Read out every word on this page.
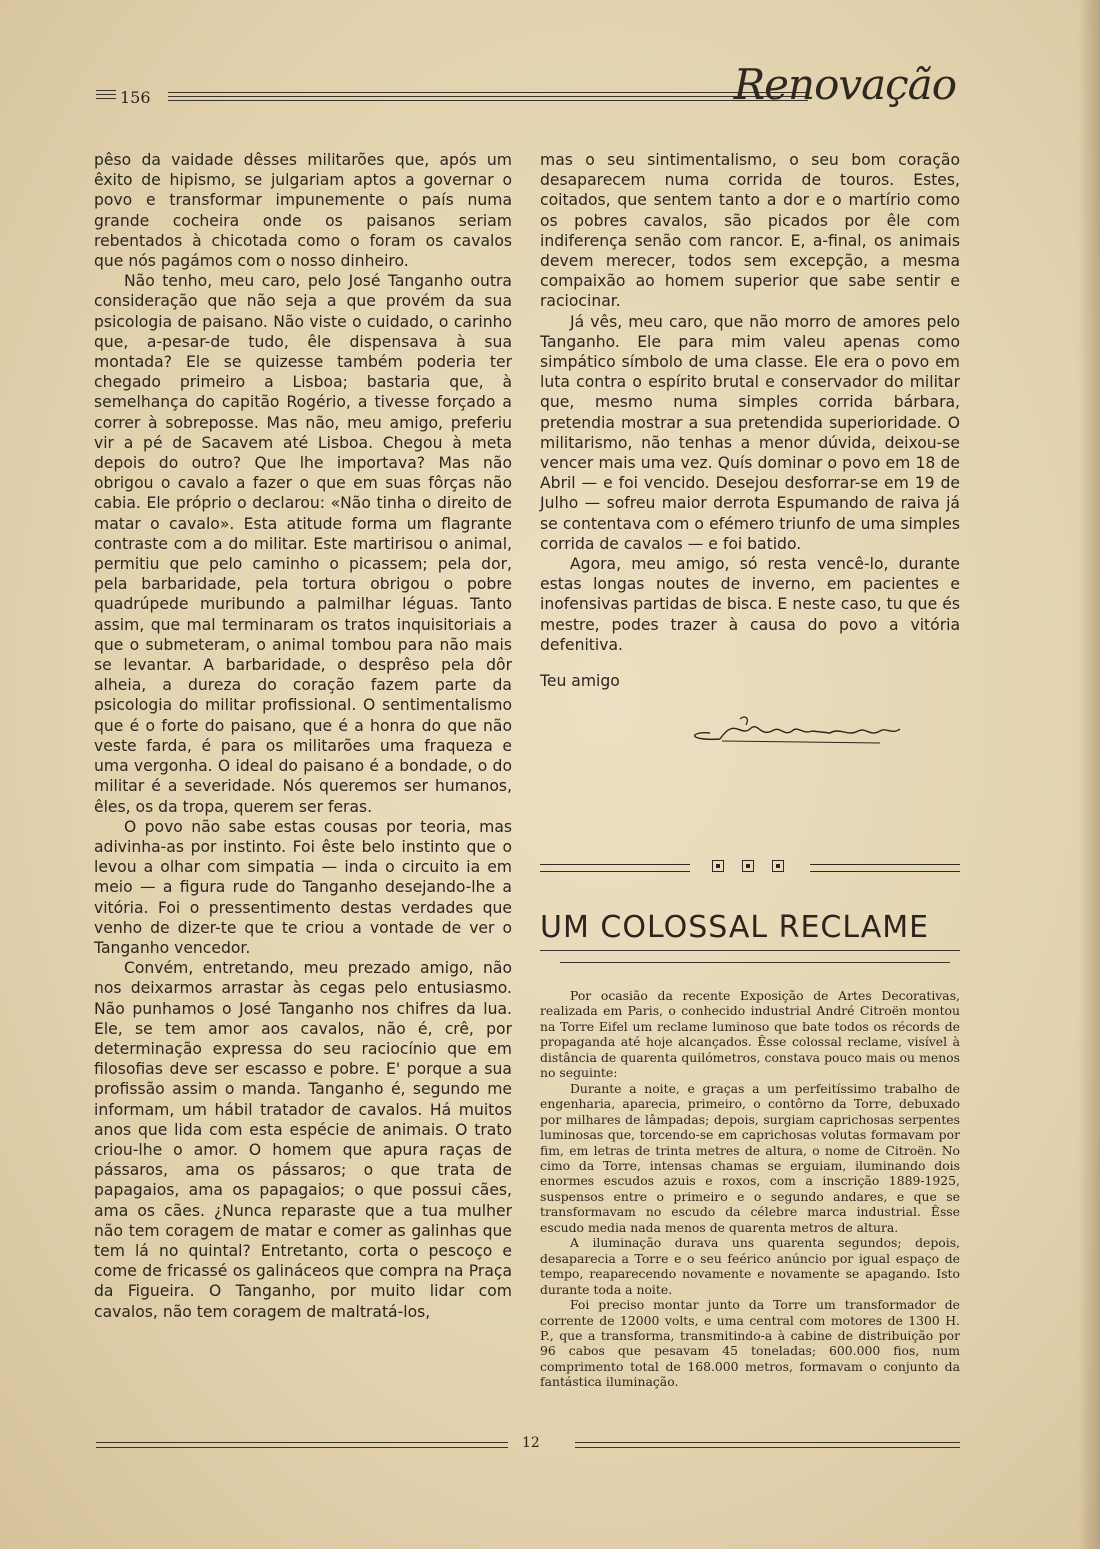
156	Renovação

pêso da vaidade dêsses militarões que, após um êxito de hipismo, se julgariam aptos a governar o povo e transformar impunemente o país numa grande cocheira onde os paisanos seriam rebentados à chicotada como o foram os cavalos que nós pagámos com o nosso dinheiro.

Não tenho, meu caro, pelo José Tanganho outra consideração que não seja a que provém da sua psicologia de paisano. Não viste o cuidado, o carinho que, a-pesar-de tudo, êle dispensava à sua montada? Ele se quizesse também poderia ter chegado primeiro a Lisboa; bastaria que, à semelhança do capitão Rogério, a tivesse forçado a correr à sobreposse. Mas não, meu amigo, preferiu vir a pé de Sacavem até Lisboa. Chegou à meta depois do outro? Que lhe importava? Mas não obrigou o cavalo a fazer o que em suas fôrças não cabia. Ele próprio o declarou: «Não tinha o direito de matar o cavalo». Esta atitude forma um flagrante contraste com a do militar. Este martirisou o animal, permitiu que pelo caminho o picassem; pela dor, pela barbaridade, pela tortura obrigou o pobre quadrúpede muribundo a palmilhar léguas. Tanto assim, que mal terminaram os tratos inquisitoriais a que o submeteram, o animal tombou para não mais se levantar. A barbaridade, o desprêso pela dôr alheia, a dureza do coração fazem parte da psicologia do militar profissional. O sentimentalismo que é o forte do paisano, que é a honra do que não veste farda, é para os militarões uma fraqueza e uma vergonha. O ideal do paisano é a bondade, o do militar é a severidade. Nós queremos ser humanos, êles, os da tropa, querem ser feras.

O povo não sabe estas cousas por teoria, mas adivinha-as por instinto. Foi êste belo instinto que o levou a olhar com simpatia — inda o circuito ia em meio — a figura rude do Tanganho desejando-lhe a vitória. Foi o pressentimento destas verdades que venho de dizer-te que te criou a vontade de ver o Tanganho vencedor.

Convém, entretando, meu prezado amigo, não nos deixarmos arrastar às cegas pelo entusiasmo. Não punhamos o José Tanganho nos chifres da lua. Ele, se tem amor aos cavalos, não é, crê, por determinação expressa do seu raciocínio que em filosofias deve ser escasso e pobre. E' porque a sua profissão assim o manda. Tanganho é, segundo me informam, um hábil tratador de cavalos. Há muitos anos que lida com esta espécie de animais. O trato criou-lhe o amor. O homem que apura raças de pássaros, ama os pássaros; o que trata de papagaios, ama os papagaios; o que possui cães, ama os cães. ¿Nunca reparaste que a tua mulher não tem coragem de matar e comer as galinhas que tem lá no quintal? Entretanto, corta o pescoço e come de fricassé os galináceos que compra na Praça da Figueira. O Tanganho, por muito lidar com cavalos, não tem coragem de maltratá-los,

mas o seu sintimentalismo, o seu bom coração desaparecem numa corrida de touros. Estes, coitados, que sentem tanto a dor e o martírio como os pobres cavalos, são picados por êle com indiferença senão com rancor. E, a-final, os animais devem merecer, todos sem excepção, a mesma compaixão ao homem superior que sabe sentir e raciocinar.

Já vês, meu caro, que não morro de amores pelo Tanganho. Ele para mim valeu apenas como simpático símbolo de uma classe. Ele era o povo em luta contra o espírito brutal e conservador do militar que, mesmo numa simples corrida bárbara, pretendia mostrar a sua pretendida superioridade. O militarismo, não tenhas a menor dúvida, deixou-se vencer mais uma vez. Quís dominar o povo em 18 de Abril — e foi vencido. Desejou desforrar-se em 19 de Julho — sofreu maior derrota Espumando de raiva já se contentava com o efémero triunfo de uma simples corrida de cavalos — e foi batido.

Agora, meu amigo, só resta vencê-lo, durante estas longas noutes de inverno, em pacientes e inofensivas partidas de bisca. E neste caso, tu que és mestre, podes trazer à causa do povo a vitória defenitiva.

Teu amigo

UM COLOSSAL RECLAME

Por ocasião da recente Exposição de Artes Decorativas, realizada em Paris, o conhecido industrial André Citroën montou na Torre Eifel um reclame luminoso que bate todos os récords de propaganda até hoje alcançados. Êsse colossal reclame, visível à distância de quarenta quilómetros, constava pouco mais ou menos no seguinte:

Durante a noite, e graças a um perfeitíssimo trabalho de engenharia, aparecia, primeiro, o contôrno da Torre, debuxado por milhares de lâmpadas; depois, surgiam caprichosas serpentes luminosas que, torcendo-se em caprichosas volutas formavam por fim, em letras de trinta metres de altura, o nome de Citroën. No cimo da Torre, intensas chamas se erguiam, iluminando dois enormes escudos azuis e roxos, com a inscrição 1889-1925, suspensos entre o primeiro e o segundo andares, e que se transformavam no escudo da célebre marca industrial. Êsse escudo media nada menos de quarenta metros de altura.

A iluminação durava uns quarenta segundos; depois, desaparecia a Torre e o seu feérico anúncio por igual espaço de tempo, reaparecendo novamente e novamente se apagando. Isto durante toda a noite.

Foi preciso montar junto da Torre um transformador de corrente de 12000 volts, e uma central com motores de 1300 H. P., que a transforma, transmitindo-a à cabine de distribuição por 96 cabos que pesavam 45 toneladas; 600.000 fios, num comprimento total de 168.000 metros, formavam o conjunto da fantástica iluminação.

12
